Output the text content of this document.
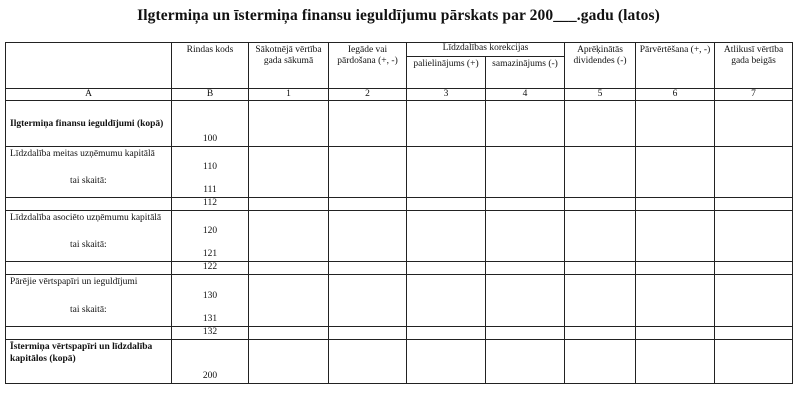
Ilgtermiņa un īstermiņa finansu ieguldījumu pārskats par 200___.gadu (latos)
	Rindas kods	Sākotnējā vērtība gada sākumā	Iegāde vai pārdošana (+, -)	Līdzdalības korekcijas		Aprēķinātās dividendes (-)	Pārvērtēšana (+, -)	Atlikusī vērtība gada beigās
				palielinājums (+)	samazinājums (-)			
A	B	1	2	3	4	5	6	7
Ilgtermiņa finansu ieguldījumi (kopā)	100							
Līdzdalība meitas uzņēmumu kapitālā	110							

tai skaitā:	111							
	112							
Līdzdalība asociēto uzņēmumu kapitālā	120							

tai skaitā:	121							
	122							
Pārējie vērtspapīri un ieguldījumi	130							

tai skaitā:	131							
	132							
Īstermiņa vērtspapīri un līdzdalība kapitālos (kopā)	200							
